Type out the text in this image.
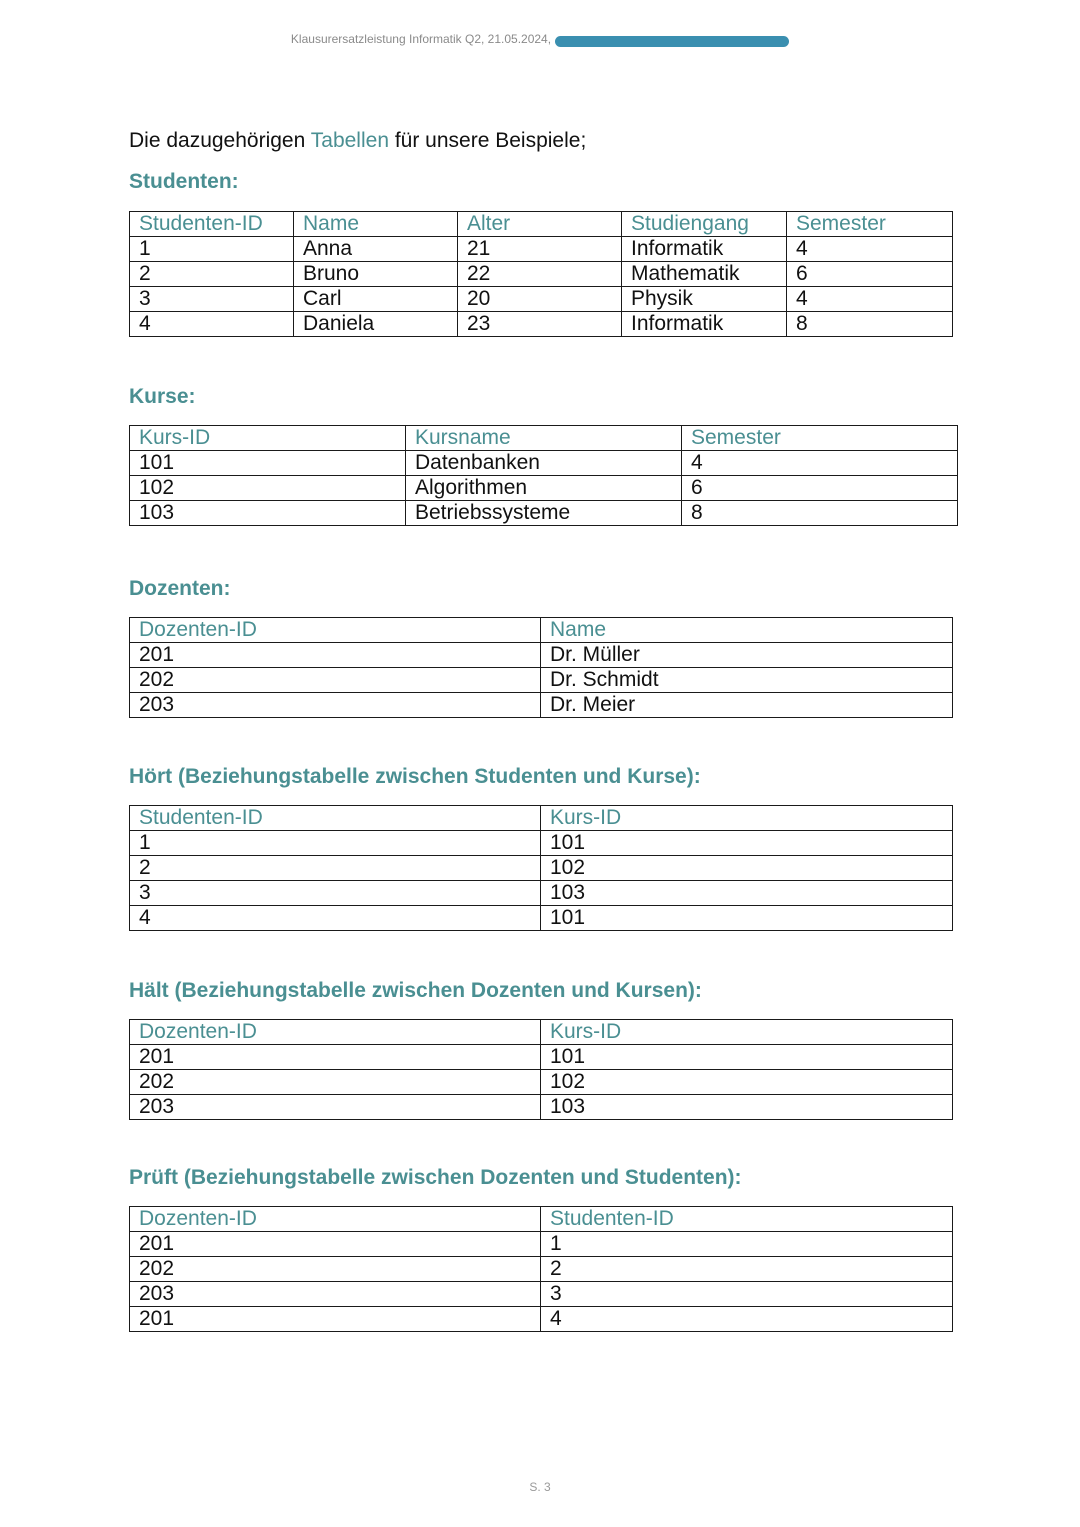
Klausurersatzleistung Informatik Q2, 21.05.2024,
Die dazugehörigen Tabellen für unsere Beispiele;
Studenten:
Studenten-ID	Name	Alter	Studiengang	Semester
1	Anna	21	Informatik	4
2	Bruno	22	Mathematik	6
3	Carl	20	Physik	4
4	Daniela	23	Informatik	8
Kurse:
Kurs-ID	Kursname	Semester
101	Datenbanken	4
102	Algorithmen	6
103	Betriebssysteme	8
Dozenten:
Dozenten-ID	Name
201	Dr. Müller
202	Dr. Schmidt
203	Dr. Meier
Hört (Beziehungstabelle zwischen Studenten und Kurse):
Studenten-ID	Kurs-ID
1	101
2	102
3	103
4	101
Hält (Beziehungstabelle zwischen Dozenten und Kursen):
Dozenten-ID	Kurs-ID
201	101
202	102
203	103
Prüft (Beziehungstabelle zwischen Dozenten und Studenten):
Dozenten-ID	Studenten-ID
201	1
202	2
203	3
201	4
S. 3
